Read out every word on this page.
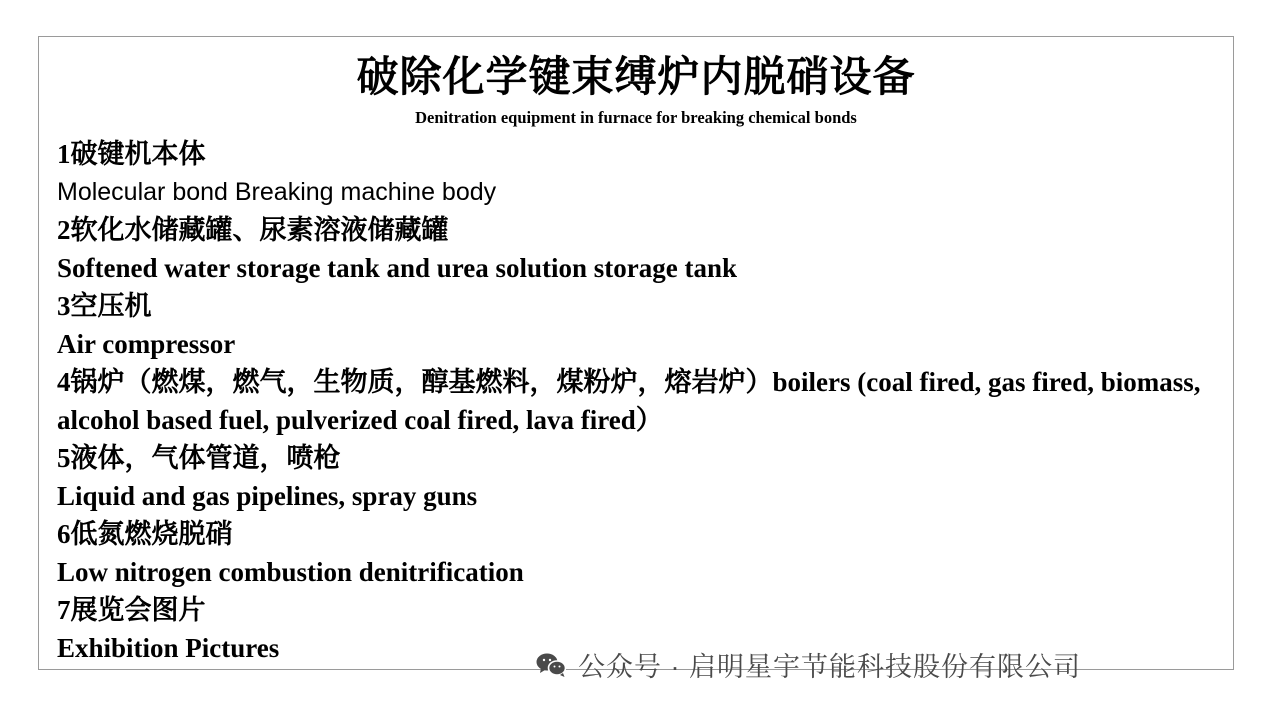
破除化学键束缚炉内脱硝设备
Denitration equipment in furnace for breaking chemical bonds
1破键机本体
Molecular bond Breaking machine body
2软化水储藏罐、尿素溶液储藏罐
Softened water storage tank and urea solution storage tank
3空压机
Air compressor
4锅炉（燃煤，燃气，生物质，醇基燃料，煤粉炉，熔岩炉）boilers (coal fired, gas fired, biomass, alcohol based fuel, pulverized coal fired, lava fired）
5液体，气体管道，喷枪
Liquid and gas pipelines, spray guns
6低氮燃烧脱硝
Low nitrogen combustion denitrification
7展览会图片
Exhibition Pictures
公众号 · 启明星宇节能科技股份有限公司
